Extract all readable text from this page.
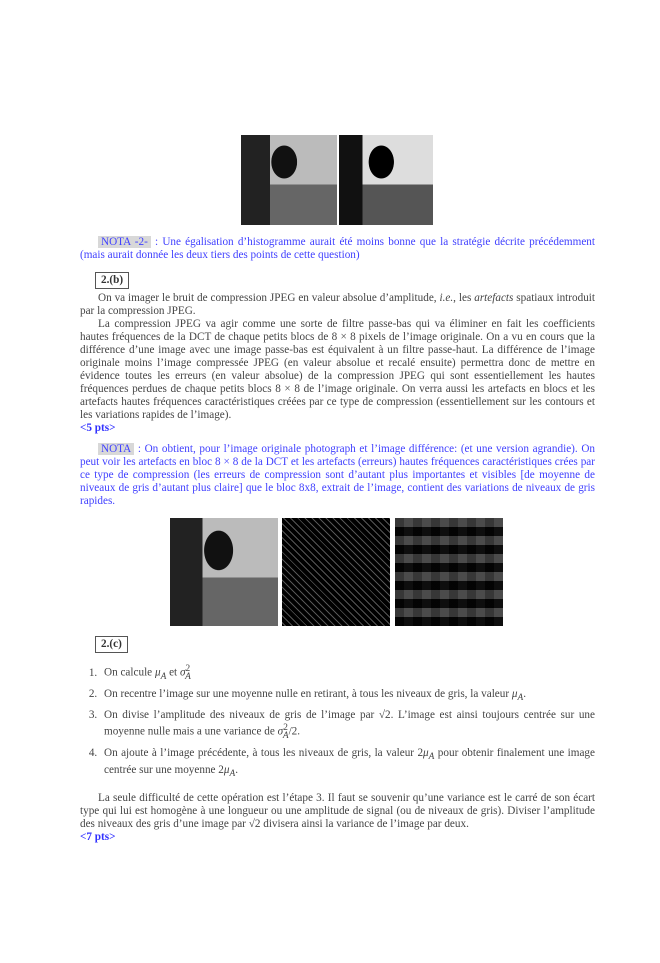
NOTA -2- : Une égalisation d’histogramme aurait été moins bonne que la stratégie décrite précédemment (mais aurait donnée les deux tiers des points de cette question)

2.(b)

On va imager le bruit de compression JPEG en valeur absolue d’amplitude, i.e., les artefacts spatiaux introduit par la compression JPEG.

La compression JPEG va agir comme une sorte de filtre passe-bas qui va éliminer en fait les coefficients hautes fréquences de la DCT de chaque petits blocs de 8 × 8 pixels de l’image originale. On a vu en cours que la différence d’une image avec une image passe-bas est équivalent à un filtre passe-haut. La différence de l’image originale moins l’image compressée JPEG (en valeur absolue et recalé ensuite) permettra donc de mettre en évidence toutes les erreurs (en valeur absolue) de la compression JPEG qui sont essentiellement les hautes fréquences perdues de chaque petits blocs 8 × 8 de l’image originale. On verra aussi les artefacts en blocs et les artefacts hautes fréquences caractéristiques créées par ce type de compression (essentiellement sur les contours et les variations rapides de l’image).

<5 pts>

NOTA : On obtient, pour l’image originale photograph et l’image différence: (et une version agrandie). On peut voir les artefacts en bloc 8 × 8 de la DCT et les artefacts (erreurs) hautes fréquences caractéristiques crées par ce type de compression (les erreurs de compression sont d’autant plus importantes et visibles [de moyenne de niveaux de gris d’autant plus claire] que le bloc 8x8, extrait de l’image, contient des variations de niveaux de gris rapides.

2.(c)
1. On calcule $\mu_A$ et $\sigma^2_A$
2. On recentre l’image sur une moyenne nulle en retirant, à tous les niveaux de gris, la valeur $\mu_A$.
3. On divise l’amplitude des niveaux de gris de l’image par √2. L’image est ainsi toujours centrée sur une moyenne nulle mais a une variance de $\sigma^2_A/2$.
4. On ajoute à l’image précédente, à tous les niveaux de gris, la valeur $2\mu_A$ pour obtenir finalement une image centrée sur une moyenne $2\mu_A$.

La seule difficulté de cette opération est l’étape 3. Il faut se souvenir qu’une variance est le carré de son écart type qui lui est homogène à une longueur ou une amplitude de signal (ou de niveaux de gris). Diviser l’amplitude des niveaux des gris d’une image par √2 divisera ainsi la variance de l’image par deux.

<7 pts>
